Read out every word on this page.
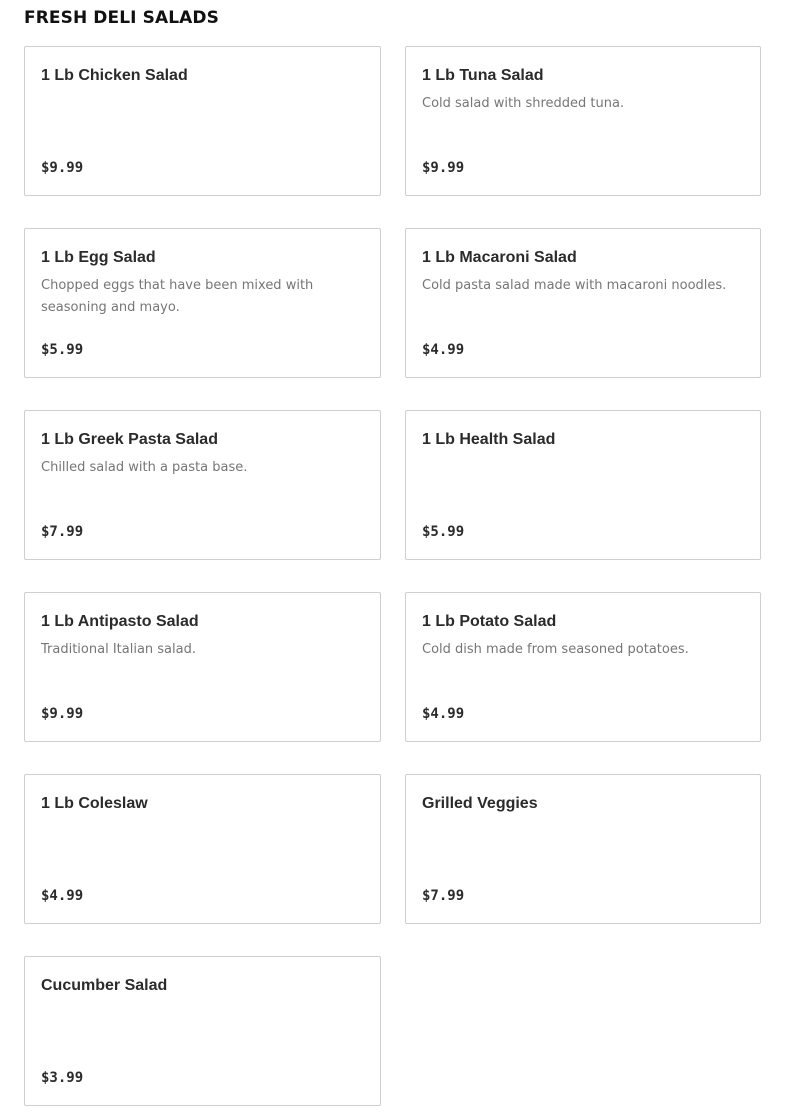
FRESH DELI SALADS
1 Lb Chicken Salad
$9.99
1 Lb Tuna Salad
Cold salad with shredded tuna.
$9.99
1 Lb Egg Salad
Chopped eggs that have been mixed with seasoning and mayo.
$5.99
1 Lb Macaroni Salad
Cold pasta salad made with macaroni noodles.
$4.99
1 Lb Greek Pasta Salad
Chilled salad with a pasta base.
$7.99
1 Lb Health Salad
$5.99
1 Lb Antipasto Salad
Traditional Italian salad.
$9.99
1 Lb Potato Salad
Cold dish made from seasoned potatoes.
$4.99
1 Lb Coleslaw
$4.99
Grilled Veggies
$7.99
Cucumber Salad
$3.99
